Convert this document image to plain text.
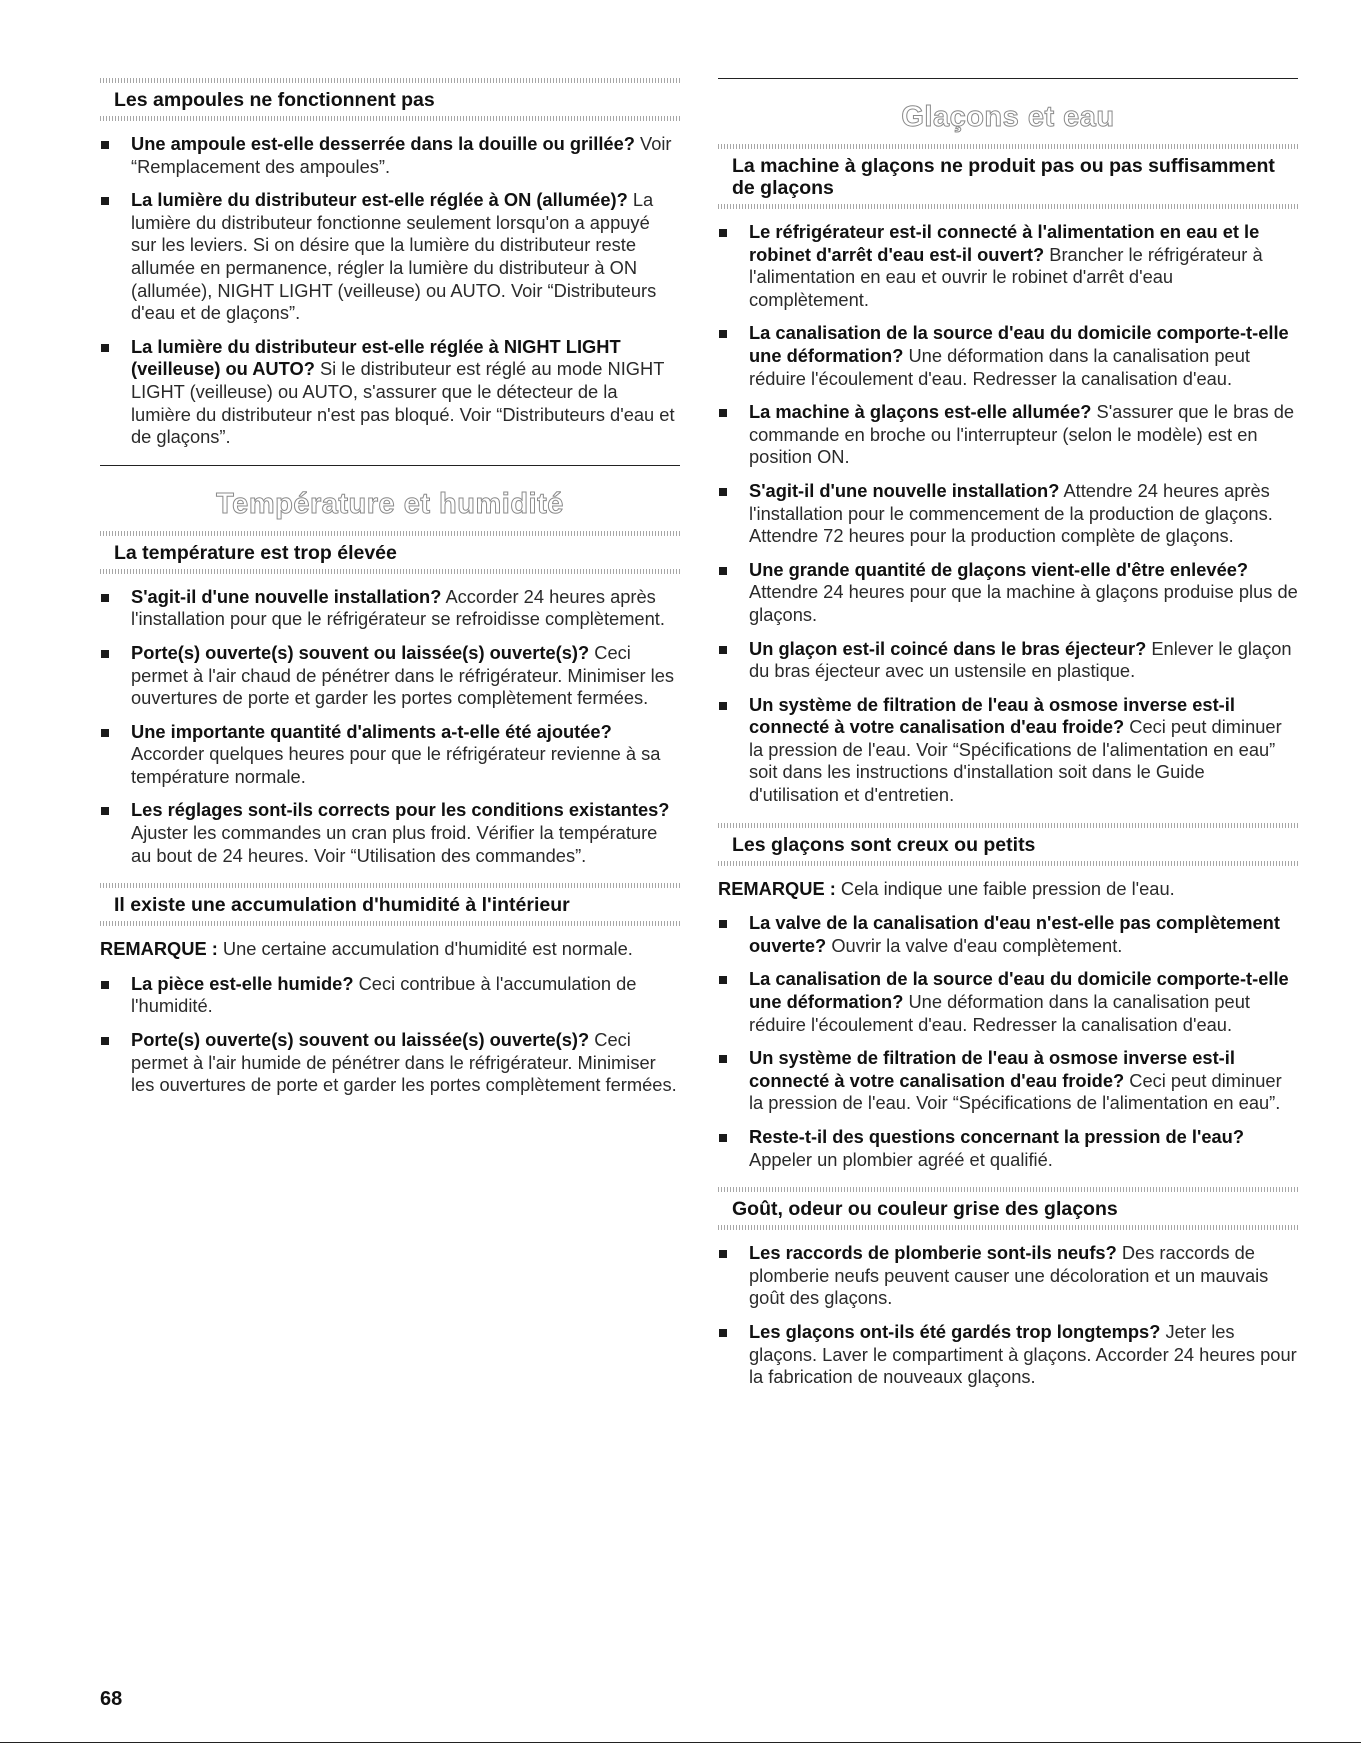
Les ampoules ne fonctionnent pas
Une ampoule est-elle desserrée dans la douille ou grillée? Voir “Remplacement des ampoules”.
La lumière du distributeur est-elle réglée à ON (allumée)? La lumière du distributeur fonctionne seulement lorsqu'on a appuyé sur les leviers. Si on désire que la lumière du distributeur reste allumée en permanence, régler la lumière du distributeur à ON (allumée), NIGHT LIGHT (veilleuse) ou AUTO. Voir “Distributeurs d'eau et de glaçons”.
La lumière du distributeur est-elle réglée à NIGHT LIGHT (veilleuse) ou AUTO? Si le distributeur est réglé au mode NIGHT LIGHT (veilleuse) ou AUTO, s'assurer que le détecteur de la lumière du distributeur n'est pas bloqué. Voir “Distributeurs d'eau et de glaçons”.
Température et humidité
La température est trop élevée
S'agit-il d'une nouvelle installation? Accorder 24 heures après l'installation pour que le réfrigérateur se refroidisse complètement.
Porte(s) ouverte(s) souvent ou laissée(s) ouverte(s)? Ceci permet à l'air chaud de pénétrer dans le réfrigérateur. Minimiser les ouvertures de porte et garder les portes complètement fermées.
Une importante quantité d'aliments a-t-elle été ajoutée? Accorder quelques heures pour que le réfrigérateur revienne à sa température normale.
Les réglages sont-ils corrects pour les conditions existantes? Ajuster les commandes un cran plus froid. Vérifier la température au bout de 24 heures. Voir “Utilisation des commandes”.
Il existe une accumulation d'humidité à l'intérieur
REMARQUE : Une certaine accumulation d'humidité est normale.
La pièce est-elle humide? Ceci contribue à l'accumulation de l'humidité.
Porte(s) ouverte(s) souvent ou laissée(s) ouverte(s)? Ceci permet à l'air humide de pénétrer dans le réfrigérateur. Minimiser les ouvertures de porte et garder les portes complètement fermées.
Glaçons et eau
La machine à glaçons ne produit pas ou pas suffisamment de glaçons
Le réfrigérateur est-il connecté à l'alimentation en eau et le robinet d'arrêt d'eau est-il ouvert? Brancher le réfrigérateur à l'alimentation en eau et ouvrir le robinet d'arrêt d'eau complètement.
La canalisation de la source d'eau du domicile comporte-t-elle une déformation? Une déformation dans la canalisation peut réduire l'écoulement d'eau. Redresser la canalisation d'eau.
La machine à glaçons est-elle allumée? S'assurer que le bras de commande en broche ou l'interrupteur (selon le modèle) est en position ON.
S'agit-il d'une nouvelle installation? Attendre 24 heures après l'installation pour le commencement de la production de glaçons. Attendre 72 heures pour la production complète de glaçons.
Une grande quantité de glaçons vient-elle d'être enlevée? Attendre 24 heures pour que la machine à glaçons produise plus de glaçons.
Un glaçon est-il coincé dans le bras éjecteur? Enlever le glaçon du bras éjecteur avec un ustensile en plastique.
Un système de filtration de l'eau à osmose inverse est-il connecté à votre canalisation d'eau froide? Ceci peut diminuer la pression de l'eau. Voir “Spécifications de l'alimentation en eau” soit dans les instructions d'installation soit dans le Guide d'utilisation et d'entretien.
Les glaçons sont creux ou petits
REMARQUE : Cela indique une faible pression de l'eau.
La valve de la canalisation d'eau n'est-elle pas complètement ouverte? Ouvrir la valve d'eau complètement.
La canalisation de la source d'eau du domicile comporte-t-elle une déformation? Une déformation dans la canalisation peut réduire l'écoulement d'eau. Redresser la canalisation d'eau.
Un système de filtration de l'eau à osmose inverse est-il connecté à votre canalisation d'eau froide? Ceci peut diminuer la pression de l'eau. Voir “Spécifications de l'alimentation en eau”.
Reste-t-il des questions concernant la pression de l'eau? Appeler un plombier agréé et qualifié.
Goût, odeur ou couleur grise des glaçons
Les raccords de plomberie sont-ils neufs? Des raccords de plomberie neufs peuvent causer une décoloration et un mauvais goût des glaçons.
Les glaçons ont-ils été gardés trop longtemps? Jeter les glaçons. Laver le compartiment à glaçons. Accorder 24 heures pour la fabrication de nouveaux glaçons.
68
